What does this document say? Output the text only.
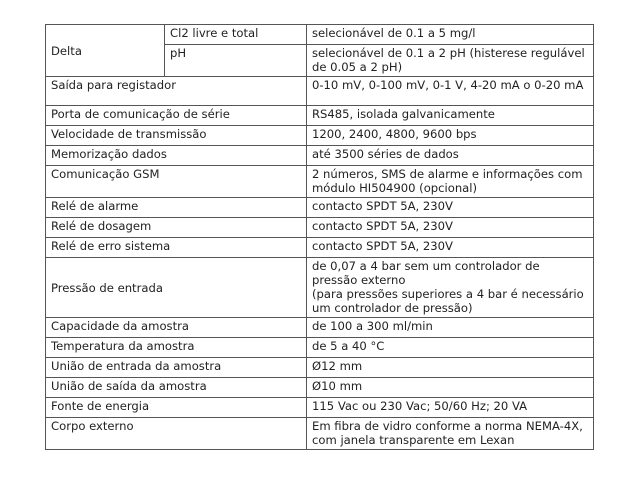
Delta	Cl2 livre e total	selecionável de 0.1 a 5 mg/l
	pH	selecionável de 0.1 a 2 pH (histerese regulável de 0.05 a 2 pH)
Saída para registador		0-10 mV, 0-100 mV, 0-1 V, 4-20 mA o 0-20 mA
Porta de comunicação de série		RS485, isolada galvanicamente
Velocidade de transmissão		1200, 2400, 4800, 9600 bps
Memorização dados		até 3500 séries de dados
Comunicação GSM		2 números, SMS de alarme e informações com módulo HI504900 (opcional)
Relé de alarme		contacto SPDT 5A, 230V
Relé de dosagem		contacto SPDT 5A, 230V
Relé de erro sistema		contacto SPDT 5A, 230V
Pressão de entrada		de 0,07 a 4 bar sem um controlador de pressão externo
(para pressões superiores a 4 bar é necessário um controlador de pressão)

Capacidade da amostra		de 100 a 300 ml/min
Temperatura da amostra		de 5 a 40 °C
União de entrada da amostra		Ø12 mm
União de saída da amostra		Ø10 mm
Fonte de energia		115 Vac ou 230 Vac; 50/60 Hz; 20 VA
Corpo externo		Em fibra de vidro conforme a norma NEMA-4X, com janela transparente em Lexan
